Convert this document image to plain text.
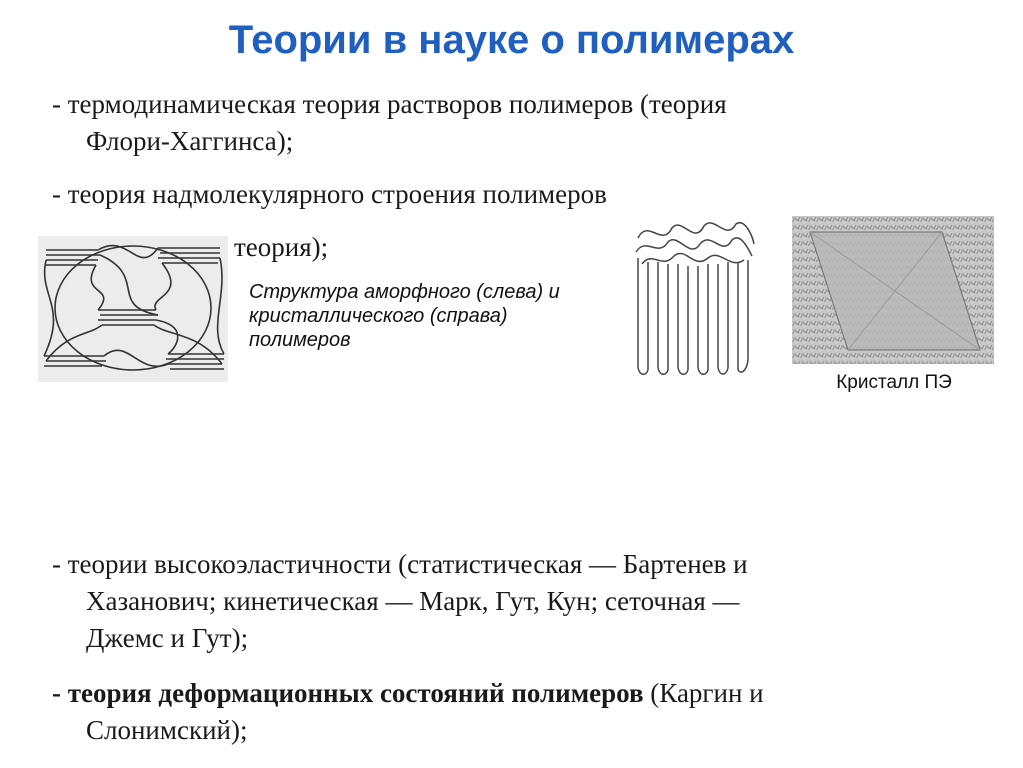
Теории в науке о полимерах
- термодинамическая теория растворов полимеров (теория
Флори-Хаггинса);
- теория надмолекулярного строения полимеров
теория);
Структура аморфного (слева) и
кристаллического (справа)
полимеров
Кристалл ПЭ
- теории высокоэластичности (статистическая — Бартенев и
Хазанович; кинетическая — Марк, Гут, Кун; сеточная —
Джемс и Гут);
- теория деформационных состояний полимеров (Каргин и
Слонимский);
